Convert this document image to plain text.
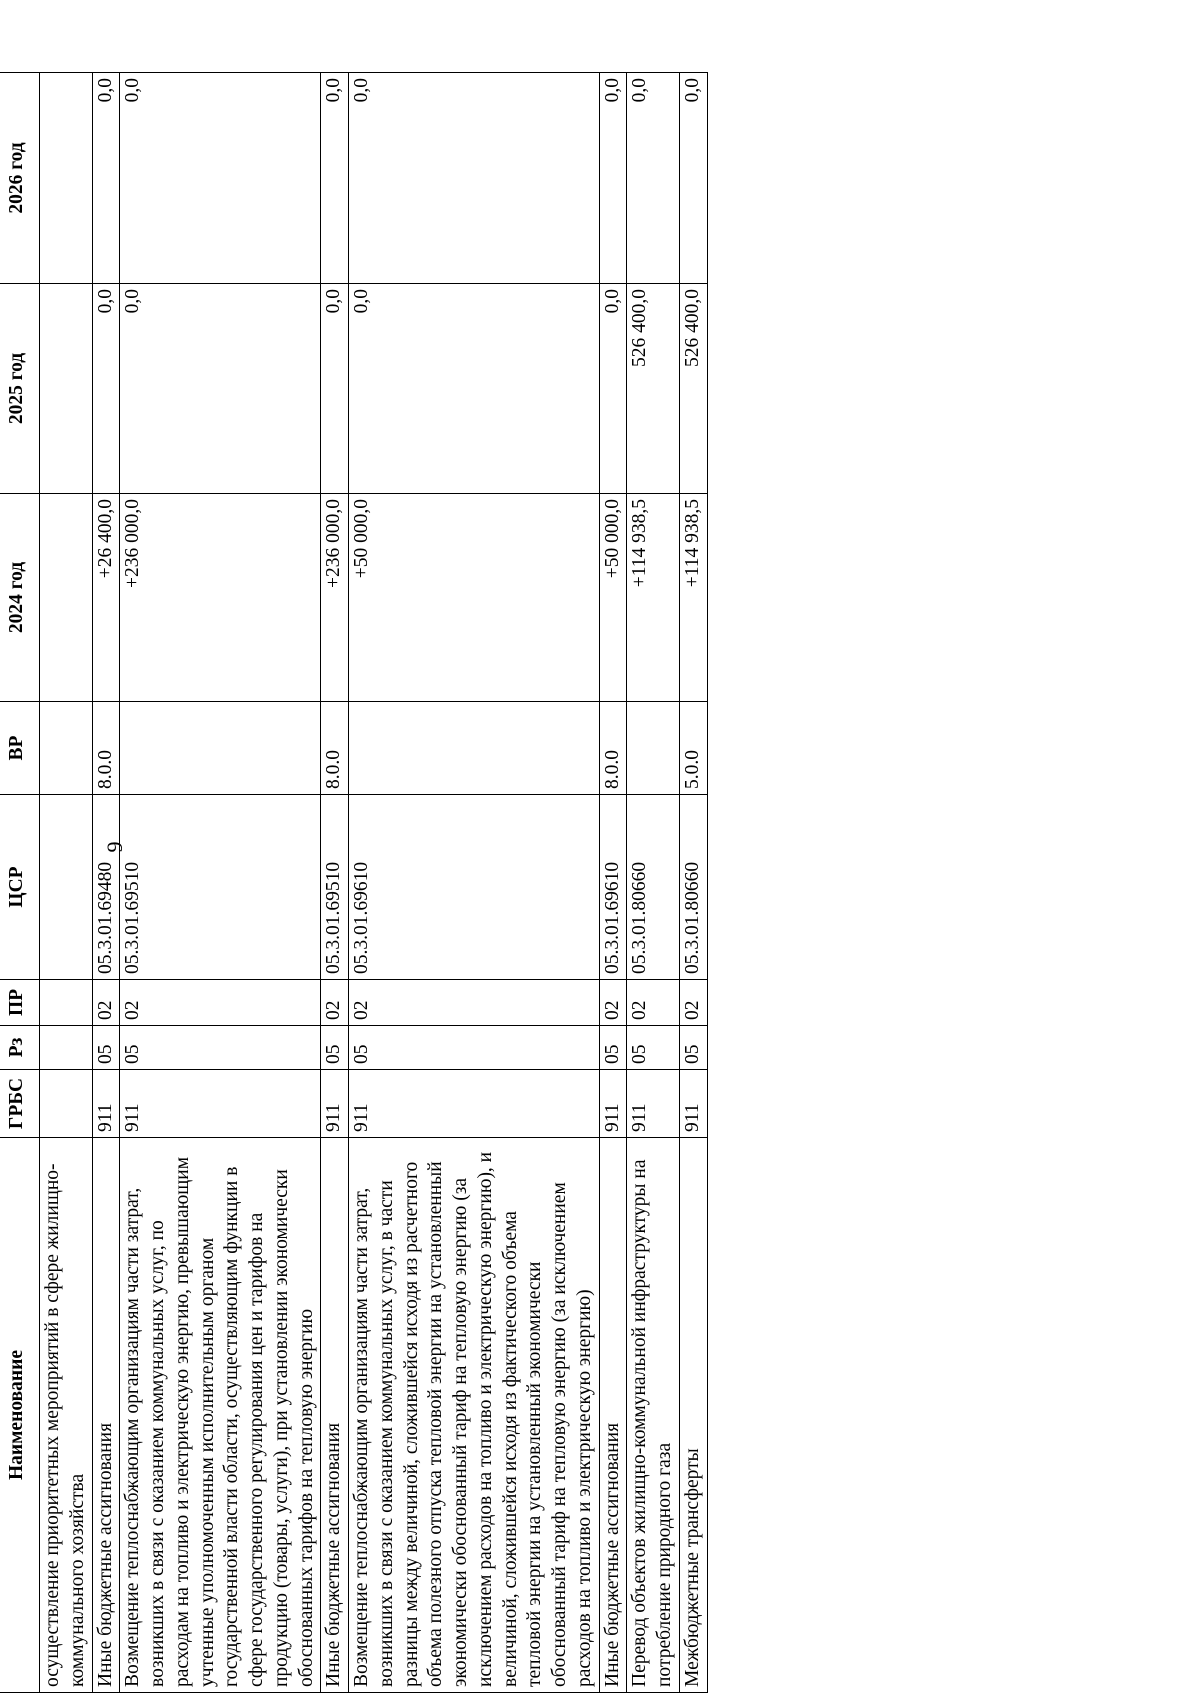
9
Наименование	ГРБС	Рз	ПР	ЦСР	ВР	2024 год	2025 год	2026 год
осуществление приоритетных мероприятий в сфере жилищно-коммунального хозяйства								
Иные бюджетные ассигнования	911	05	02	05.3.01.69480	8.0.0	+26 400,0	0,0	0,0
Возмещение теплоснабжающим организациям части затрат, возникших в связи с оказанием коммунальных услуг, по расходам на топливо и электрическую энергию, превышающим учтенные уполномоченным исполнительным органом государственной власти области, осуществляющим функции в сфере государственного регулирования цен и тарифов на продукцию (товары, услуги), при установлении экономически обоснованных тарифов на тепловую энергию	911	05	02	05.3.01.69510		+236 000,0	0,0	0,0
Иные бюджетные ассигнования	911	05	02	05.3.01.69510	8.0.0	+236 000,0	0,0	0,0
Возмещение теплоснабжающим организациям части затрат, возникших в связи с оказанием коммунальных услуг, в части разницы между величиной, сложившейся исходя из расчетного объема полезного отпуска тепловой энергии на установленный экономически обоснованный тариф на тепловую энергию (за исключением расходов на топливо и электрическую энергию), и величиной, сложившейся исходя из фактического объема тепловой энергии на установленный экономически обоснованный тариф на тепловую энергию (за исключением расходов на топливо и электрическую энергию)	911	05	02	05.3.01.69610		+50 000,0	0,0	0,0
Иные бюджетные ассигнования	911	05	02	05.3.01.69610	8.0.0	+50 000,0	0,0	0,0
Перевод объектов жилищно-коммунальной инфраструктуры на потребление природного газа	911	05	02	05.3.01.80660		+114 938,5	526 400,0	0,0
Межбюджетные трансферты	911	05	02	05.3.01.80660	5.0.0	+114 938,5	526 400,0	0,0
